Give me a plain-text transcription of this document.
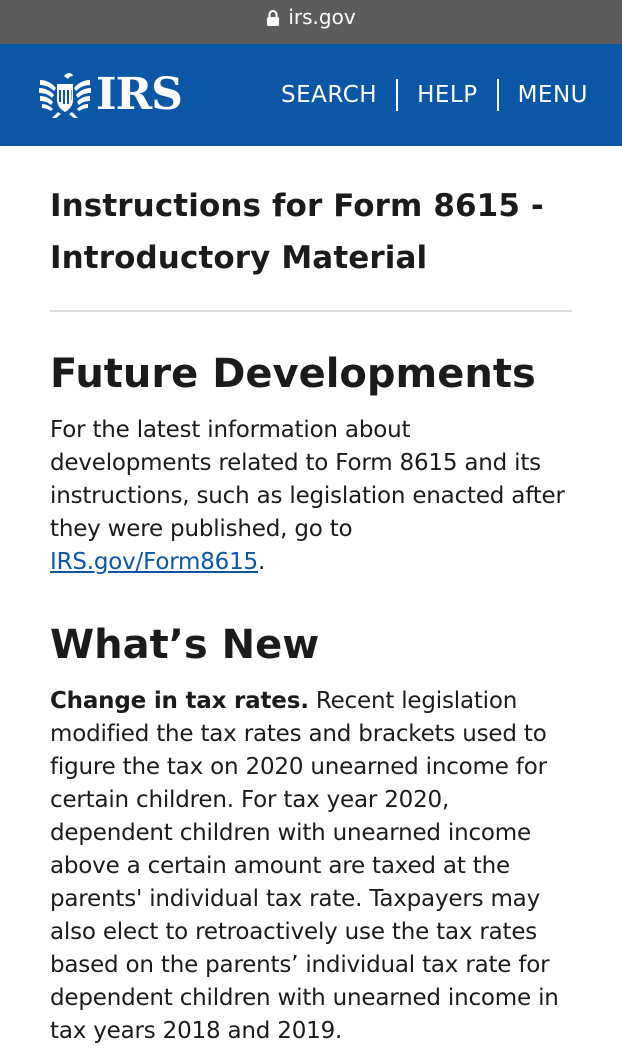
irs.gov
IRS	SEARCH HELP MENU
Instructions for Form 8615 -
Introductory Material
Future Developments

For the latest information about developments related to Form 8615 and its instructions, such as legislation enacted after they were published, go to IRS.gov/Form8615.

What’s New

Change in tax rates. Recent legislation modified the tax rates and brackets used to figure the tax on 2020 unearned income for certain children. For tax year 2020, dependent children with unearned income above a certain amount are taxed at the parents' individual tax rate. Taxpayers may also elect to retroactively use the tax rates based on the parents’ individual tax rate for dependent children with unearned income in tax years 2018 and 2019.
